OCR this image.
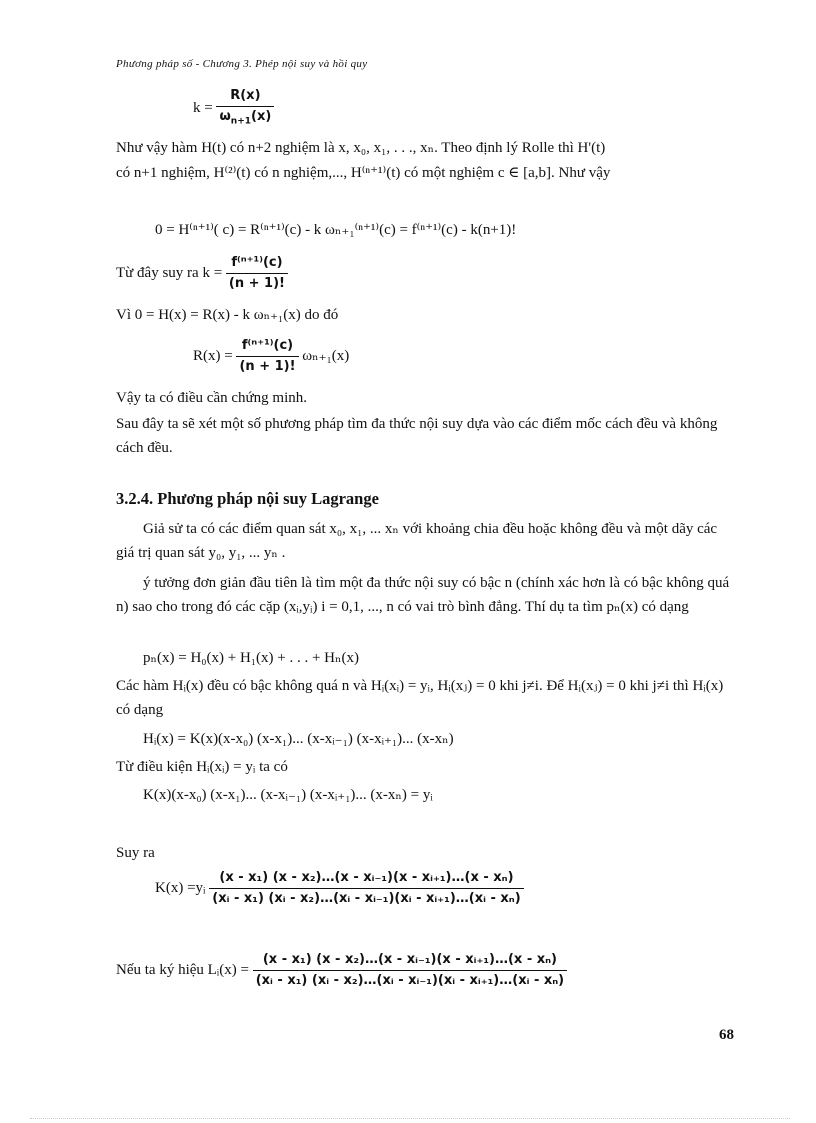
Phương pháp số - Chương 3. Phép nội suy và hồi quy
$k = \frac{R(x)}{\omega_{n+1}(x)}$
Như vậy hàm H(t) có n+2 nghiệm là x, x₀, x₁, . . ., xₙ. Theo định lý Rolle thì H'(t)
có n+1 nghiệm, H⁽²⁾(t) có n nghiệm,..., H⁽ⁿ⁺¹⁾(t) có một nghiệm c ∈ [a,b]. Như vậy
0 = H⁽ⁿ⁺¹⁾( c) = R⁽ⁿ⁺¹⁾(c) - k ωₙ₊₁⁽ⁿ⁺¹⁾(c) = f⁽ⁿ⁺¹⁾(c) - k(n+1)!
Từ đây suy ra $k = \frac{\text{f⁽ⁿ⁺¹⁾(c)}}{(n + 1)!}$
Vì 0 = H(x) = R(x) - k ωₙ₊₁(x) do đó
$R(x) = \frac{\text{f⁽ⁿ⁺¹⁾(c)}}{(n + 1)!} \omega_{n+1}(x)$
Vậy ta có điều cần chứng minh.
Sau đây ta sẽ xét một số phương pháp tìm đa thức nội suy dựa vào các điểm mốc cách đều và không cách đều.
3.2.4. Phương pháp nội suy Lagrange
Giả sử ta có các điểm quan sát x₀, x₁, ... xₙ với khoảng chia đều hoặc không đều và một dãy các giá trị quan sát y₀, y₁, ... yₙ .
ý tưởng đơn giản đầu tiên là tìm một đa thức nội suy có bậc n (chính xác hơn là có bậc không quá n) sao cho trong đó các cặp (xᵢ,yᵢ) i = 0,1, ..., n có vai trò bình đẳng. Thí dụ ta tìm pₙ(x) có dạng
pₙ(x) = H₀(x) + H₁(x) + . . . + Hₙ(x)
Các hàm Hᵢ(x) đều có bậc không quá n và Hᵢ(xᵢ) = yᵢ, Hᵢ(xⱼ) = 0 khi j≠i. Để Hᵢ(xⱼ) = 0 khi j≠i thì Hᵢ(x) có dạng
Hᵢ(x) = K(x)(x-x₀) (x-x₁)... (x-xᵢ₋₁) (x-xᵢ₊₁)... (x-xₙ)
Từ điều kiện Hᵢ(xᵢ) = yᵢ ta có
K(x)(x-x₀) (x-x₁)... (x-xᵢ₋₁) (x-xᵢ₊₁)... (x-xₙ) = yᵢ
Suy ra
K(x) =yᵢ $\frac{\text{(x - x₁) (x - x₂)…(x - xᵢ₋₁)(x - xᵢ₊₁)…(x - xₙ)}}{\text{(xᵢ - x₁) (xᵢ - x₂)…(xᵢ - xᵢ₋₁)(xᵢ - xᵢ₊₁)…(xᵢ - xₙ)}}$
Nếu ta ký hiệu Lᵢ(x) = $\frac{\text{(x - x₁) (x - x₂)…(x - xᵢ₋₁)(x - xᵢ₊₁)…(x - xₙ)}}{\text{(xᵢ - x₁) (xᵢ - x₂)…(xᵢ - xᵢ₋₁)(xᵢ - xᵢ₊₁)…(xᵢ - xₙ)}}$
68
